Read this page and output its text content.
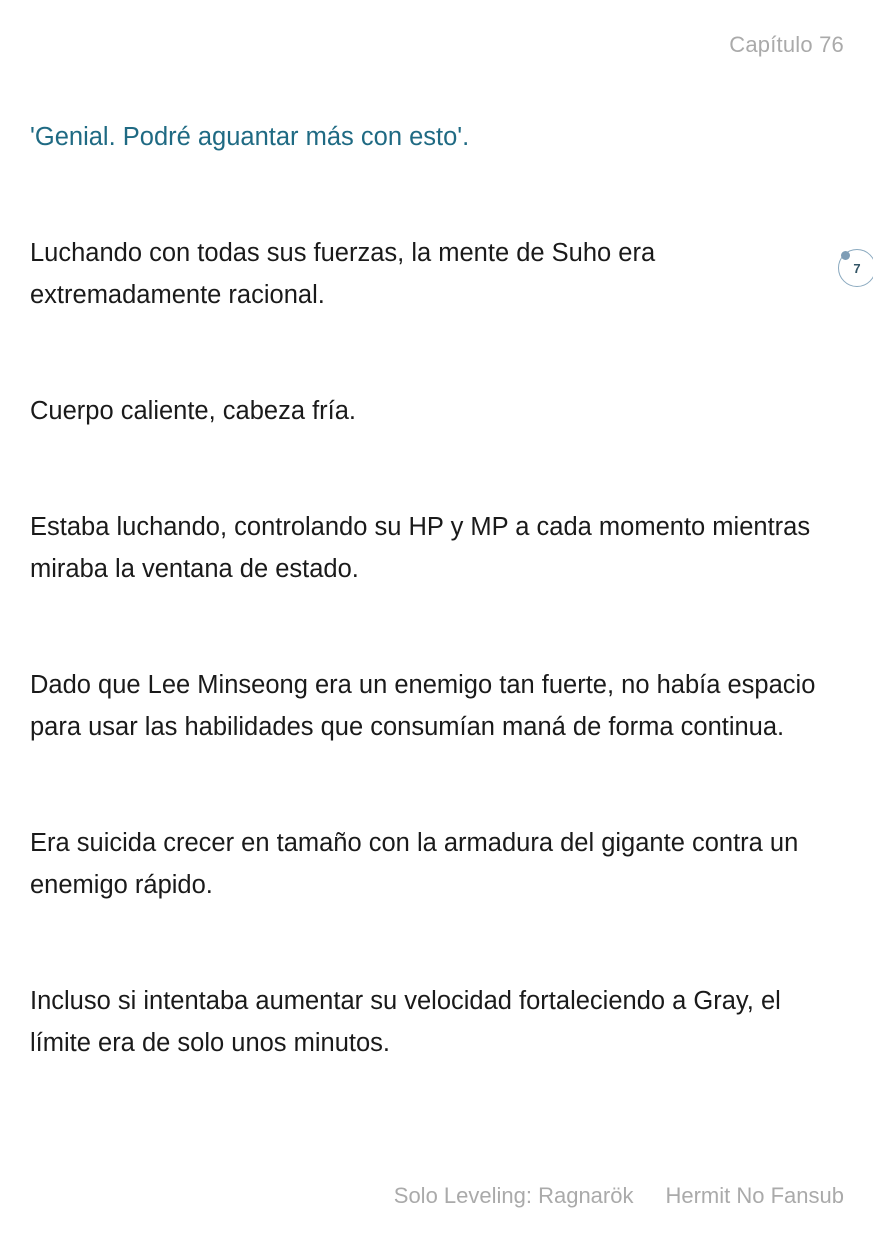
Capítulo 76

'Genial. Podré aguantar más con esto'.

Luchando con todas sus fuerzas, la mente de Suho era extremadamente racional.

Cuerpo caliente, cabeza fría.

Estaba luchando, controlando su HP y MP a cada momento mientras miraba la ventana de estado.

Dado que Lee Minseong era un enemigo tan fuerte, no había espacio para usar las habilidades que consumían maná de forma continua.

Era suicida crecer en tamaño con la armadura del gigante contra un enemigo rápido.

Incluso si intentaba aumentar su velocidad fortaleciendo a Gray, el límite era de solo unos minutos.

7
Solo Leveling: Ragnarök Hermit No Fansub
